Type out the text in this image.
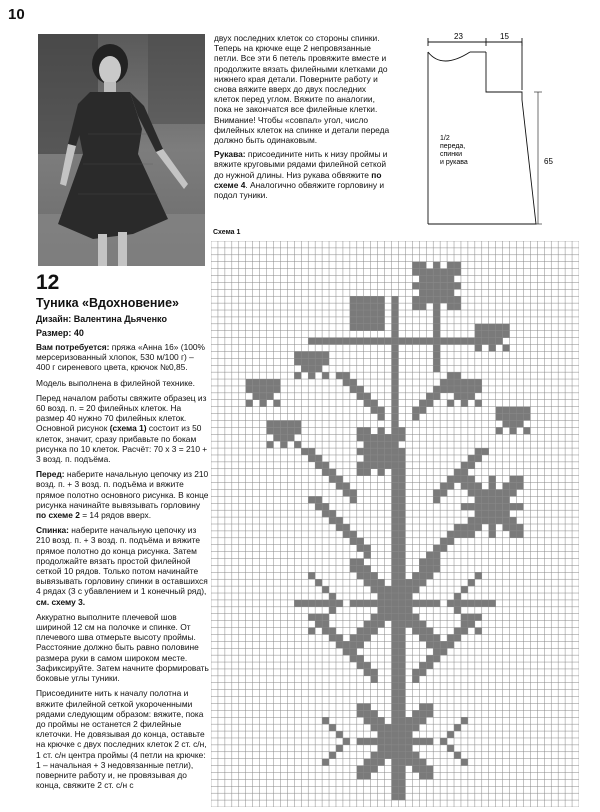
10
12
Туника «Вдохновение»
Дизайн: Валентина Дьяченко
Размер: 40

Вам потребуется: пряжа «Анна 16» (100% мерсеризованный хлопок, 530 м/100 г) – 400 г сиреневого цвета, крючок №0,85.

Модель выполнена в филейной технике.

Перед началом работы свяжите образец из 60 возд. п. = 20 филейных клеток. На размер 40 нужно 70 филейных клеток. Основной рисунок (схема 1) состоит из 50 клеток, значит, сразу прибавьте по бокам рисунка по 10 клеток. Расчёт: 70 х 3 = 210 + 3 возд. п. подъёма.

Перед: наберите начальную цепочку из 210 возд. п. + 3 возд. п. подъёма и вяжите прямое полотно основного рисунка. В конце рисунка начинайте вывязывать горловину по схеме 2 = 14 рядов вверх.

Спинка: наберите начальную цепочку из 210 возд. п. + 3 возд. п. подъёма и вяжите прямое полотно до конца рисунка. Затем продолжайте вязать простой филейной сеткой 10 рядов. Только потом начинайте вывязывать горловину спинки в оставшихся 4 рядах (3 с убавлением и 1 конечный ряд), см. схему 3.

Аккуратно выполните плечевой шов шириной 12 см на полочке и спинке. От плечевого шва отмерьте высоту проймы. Расстояние должно быть равно половине размера руки в самом широком месте. Зафиксируйте. Затем начните формировать боковые углы туники.

Присоедините нить к началу полотна и вяжите филейной сеткой укороченными рядами следующим образом: вяжите, пока до проймы не останется 2 филейные клеточки. Не довязывая до конца, оставьте на крючке с двух последних клеток 2 ст. с/н, 1 ст. с/н центра проймы (4 петли на крючке: 1 – начальная + 3 недовязанные петли), поверните работу и, не провязывая до конца, свяжите 2 ст. с/н с

двух последних клеток со стороны спинки. Теперь на крючке еще 2 непровязанные петли. Все эти 6 петель провяжите вместе и продолжите вязать филейными клетками до нижнего края детали. Поверните работу и снова вяжите вверх до двух последних клеток перед углом. Вяжите по аналогии, пока не закончатся все филейные клетки. Внимание! Чтобы «совпал» угол, число филейных клеток на спинке и детали переда должно быть одинаковым.

Рукава: присоедините нить к низу проймы и вяжите круговыми рядами филейной сеткой до нужной длины. Низ рукава обвяжите по схеме 4. Аналогично обвяжите горловину и подол туники.

23	15
65
1/2
переда,
спинки
и рукава
Схема 1
